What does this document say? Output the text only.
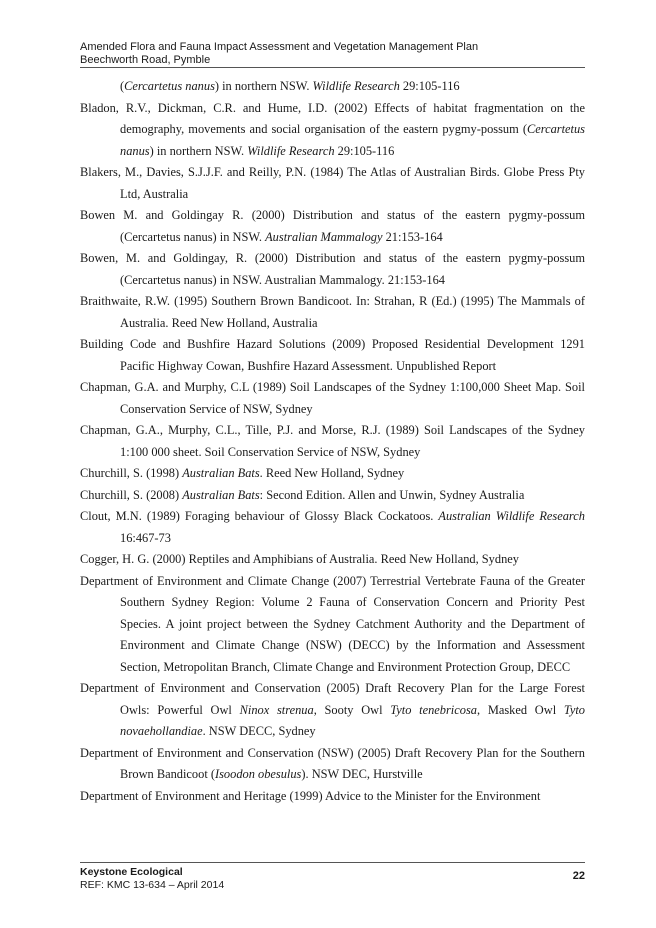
Amended Flora and Fauna Impact Assessment and Vegetation Management Plan
Beechworth Road, Pymble

(Cercartetus nanus) in northern NSW. Wildlife Research 29:105-116

Bladon, R.V., Dickman, C.R. and Hume, I.D. (2002) Effects of habitat fragmentation on the demography, movements and social organisation of the eastern pygmy-possum (Cercartetus nanus) in northern NSW. Wildlife Research 29:105-116

Blakers, M., Davies, S.J.J.F. and Reilly, P.N. (1984) The Atlas of Australian Birds. Globe Press Pty Ltd, Australia

Bowen M. and Goldingay R. (2000) Distribution and status of the eastern pygmy-possum (Cercartetus nanus) in NSW. Australian Mammalogy 21:153-164

Bowen, M. and Goldingay, R. (2000) Distribution and status of the eastern pygmy-possum (Cercartetus nanus) in NSW. Australian Mammalogy. 21:153-164

Braithwaite, R.W. (1995) Southern Brown Bandicoot. In: Strahan, R (Ed.) (1995) The Mammals of Australia. Reed New Holland, Australia

Building Code and Bushfire Hazard Solutions (2009) Proposed Residential Development 1291 Pacific Highway Cowan, Bushfire Hazard Assessment. Unpublished Report

Chapman, G.A. and Murphy, C.L (1989) Soil Landscapes of the Sydney 1:100,000 Sheet Map. Soil Conservation Service of NSW, Sydney

Chapman, G.A., Murphy, C.L., Tille, P.J. and Morse, R.J. (1989) Soil Landscapes of the Sydney 1:100 000 sheet. Soil Conservation Service of NSW, Sydney

Churchill, S. (1998) Australian Bats. Reed New Holland, Sydney

Churchill, S. (2008) Australian Bats: Second Edition. Allen and Unwin, Sydney Australia

Clout, M.N. (1989) Foraging behaviour of Glossy Black Cockatoos. Australian Wildlife Research 16:467-73

Cogger, H. G. (2000) Reptiles and Amphibians of Australia. Reed New Holland, Sydney

Department of Environment and Climate Change (2007) Terrestrial Vertebrate Fauna of the Greater Southern Sydney Region: Volume 2 Fauna of Conservation Concern and Priority Pest Species. A joint project between the Sydney Catchment Authority and the Department of Environment and Climate Change (NSW) (DECC) by the Information and Assessment Section, Metropolitan Branch, Climate Change and Environment Protection Group, DECC

Department of Environment and Conservation (2005) Draft Recovery Plan for the Large Forest Owls: Powerful Owl Ninox strenua, Sooty Owl Tyto tenebricosa, Masked Owl Tyto novaehollandiae. NSW DECC, Sydney

Department of Environment and Conservation (NSW) (2005) Draft Recovery Plan for the Southern Brown Bandicoot (Isoodon obesulus). NSW DEC, Hurstville

Department of Environment and Heritage (1999) Advice to the Minister for the Environment

Keystone Ecological
REF: KMC 13-634 – April 2014
22
